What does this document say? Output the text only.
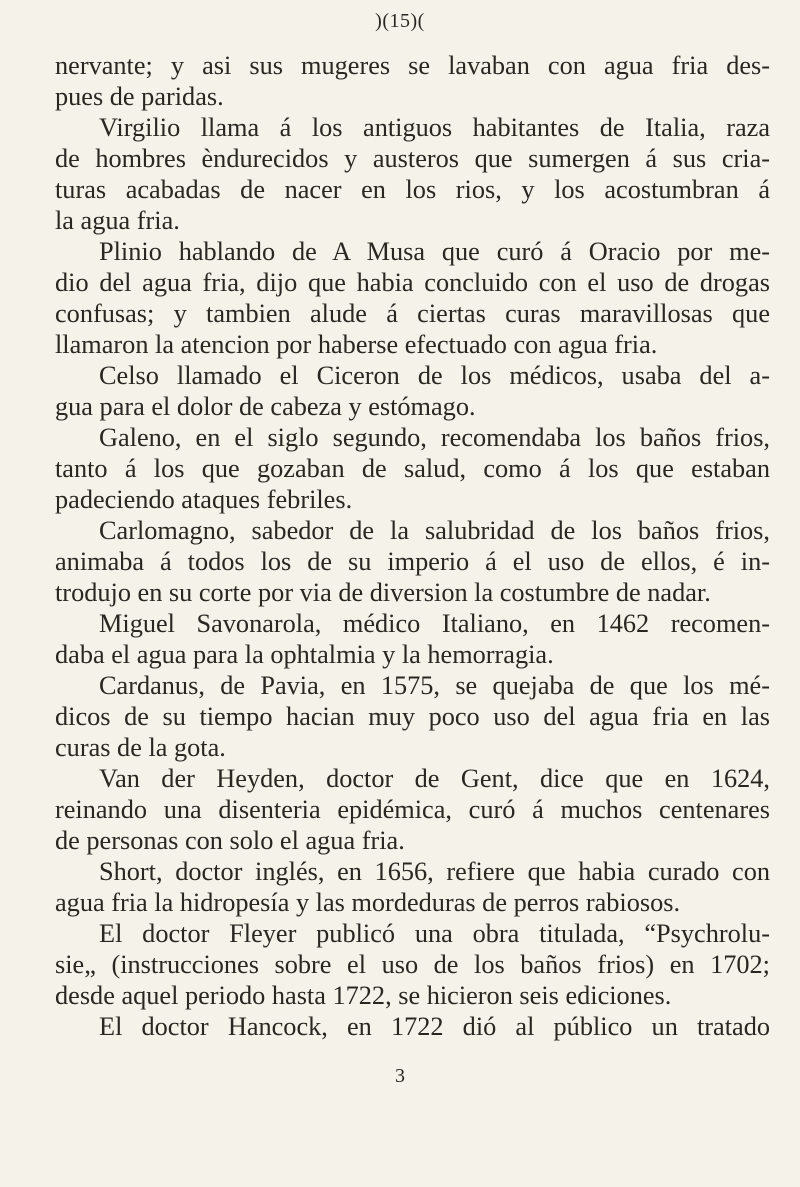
)(15)(
nervante; y asi sus mugeres se lavaban con agua fria des-
pues de paridas.
Virgilio llama á los antiguos habitantes de Italia, raza
de hombres èndurecidos y austeros que sumergen á sus cria-
turas acabadas de nacer en los rios, y los acostumbran á
la agua fria.
Plinio hablando de A Musa que curó á Oracio por me-
dio del agua fria, dijo que habia concluido con el uso de drogas
confusas; y tambien alude á ciertas curas maravillosas que
llamaron la atencion por haberse efectuado con agua fria.
Celso llamado el Ciceron de los médicos, usaba del a-
gua para el dolor de cabeza y estómago.
Galeno, en el siglo segundo, recomendaba los baños frios,
tanto á los que gozaban de salud, como á los que estaban
padeciendo ataques febriles.
Carlomagno, sabedor de la salubridad de los baños frios,
animaba á todos los de su imperio á el uso de ellos, é in-
trodujo en su corte por via de diversion la costumbre de nadar.
Miguel Savonarola, médico Italiano, en 1462 recomen-
daba el agua para la ophtalmia y la hemorragia.
Cardanus, de Pavia, en 1575, se quejaba de que los mé-
dicos de su tiempo hacian muy poco uso del agua fria en las
curas de la gota.
Van der Heyden, doctor de Gent, dice que en 1624,
reinando una disenteria epidémica, curó á muchos centenares
de personas con solo el agua fria.
Short, doctor inglés, en 1656, refiere que habia curado con
agua fria la hidropesía y las mordeduras de perros rabiosos.
El doctor Fleyer publicó una obra titulada, “Psychrolu-
sie„ (instrucciones sobre el uso de los baños frios) en 1702;
desde aquel periodo hasta 1722, se hicieron seis ediciones.
El doctor Hancock, en 1722 dió al público un tratado
3
